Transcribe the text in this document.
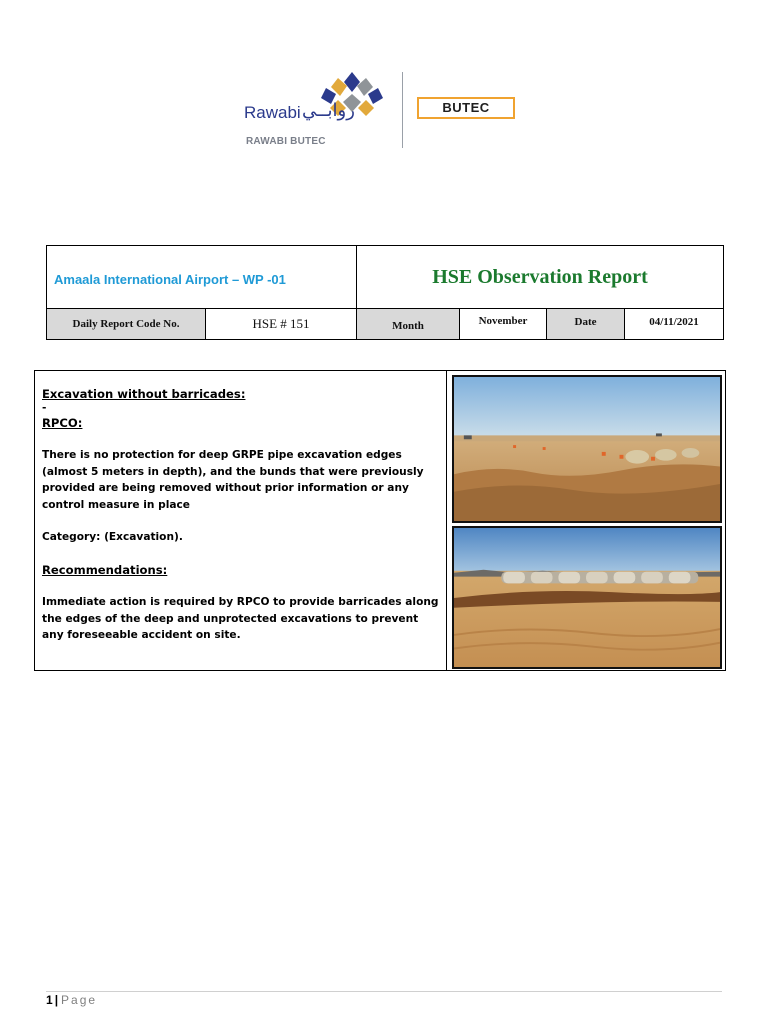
Rawabi روابــي
RAWABI BUTEC
BUTEC
Amaala International Airport – WP -01	HSE Observation Report
Daily Report Code No.	HSE # 151	Month	November	Date	04/11/2021
Excavation without barricades:
-
RPCO:
There is no protection for deep GRPE pipe excavation edges (almost 5 meters in depth), and the bunds that were previously provided are being removed without prior information or any control measure in place
Category: (Excavation).
Recommendations:
Immediate action is required by RPCO to provide barricades along the edges of the deep and unprotected excavations to prevent any foreseeable accident on site.
1 | Page
